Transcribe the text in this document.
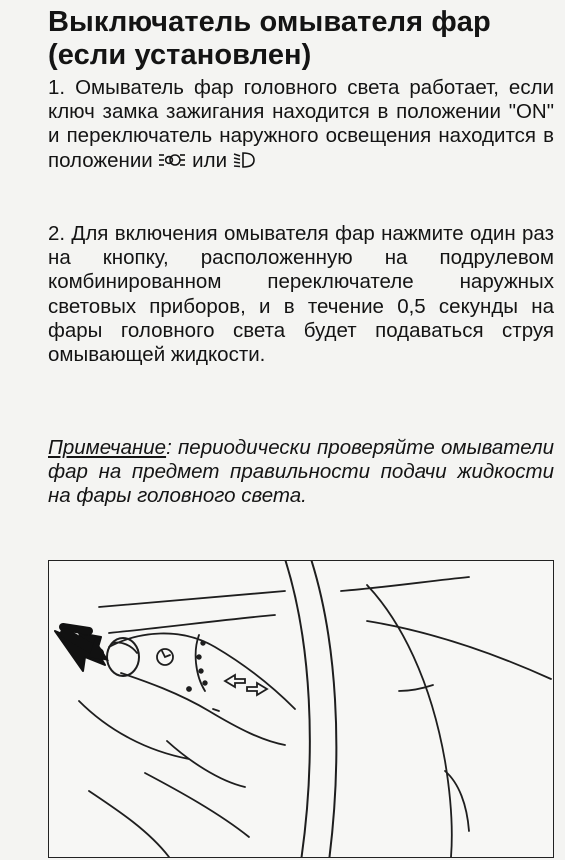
Выключатель омывателя фар
(если установлен)

1. Омыватель фар головного света работает, если ключ замка зажигания находится в положении "ON" и переключатель наружного освещения находится в положении или

2. Для включения омывателя фар нажмите один раз на кнопку, расположенную на подрулевом комбинированном переключателе наружных световых приборов, и в течение 0,5 секунды на фары головного света будет подаваться струя омывающей жидкости.

Примечание: периодически проверяйте омыватели фар на предмет правильности подачи жидкости на фары головного света.
